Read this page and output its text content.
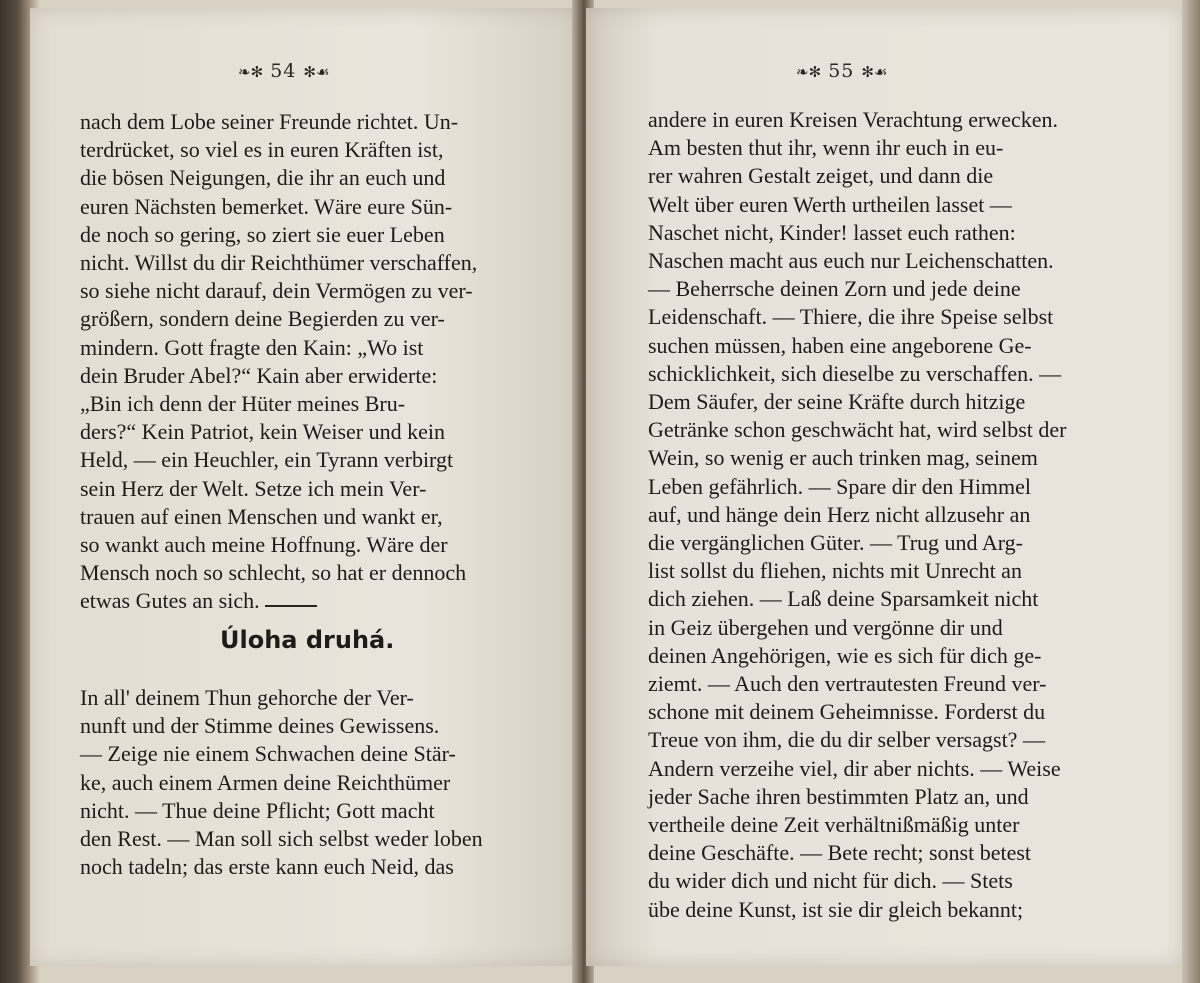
❧✻ 54 ✻☙
nach dem Lobe seiner Freunde richtet. Un-
terdrücket, so viel es in euren Kräften ist,
die bösen Neigungen, die ihr an euch und
euren Nächsten bemerket. Wäre eure Sün-
de noch so gering, so ziert sie euer Leben
nicht. Willst du dir Reichthümer verschaffen,
so siehe nicht darauf, dein Vermögen zu ver-
größern, sondern deine Begierden zu ver-
mindern. Gott fragte den Kain: „Wo ist
dein Bruder Abel?“ Kain aber erwiderte:
„Bin ich denn der Hüter meines Bru-
ders?“ Kein Patriot, kein Weiser und kein
Held, — ein Heuchler, ein Tyrann verbirgt
sein Herz der Welt. Setze ich mein Ver-
trauen auf einen Menschen und wankt er,
so wankt auch meine Hoffnung. Wäre der
Mensch noch so schlecht, so hat er dennoch
etwas Gutes an sich.
Úloha druhá.
In all' deinem Thun gehorche der Ver-
nunft und der Stimme deines Gewissens.
— Zeige nie einem Schwachen deine Stär-
ke, auch einem Armen deine Reichthümer
nicht. — Thue deine Pflicht; Gott macht
den Rest. — Man soll sich selbst weder loben
noch tadeln; das erste kann euch Neid, das
❧✻ 55 ✻☙
andere in euren Kreisen Verachtung erwecken.
Am besten thut ihr, wenn ihr euch in eu-
rer wahren Gestalt zeiget, und dann die
Welt über euren Werth urtheilen lasset —
Naschet nicht, Kinder! lasset euch rathen:
Naschen macht aus euch nur Leichenschatten.
— Beherrsche deinen Zorn und jede deine
Leidenschaft. — Thiere, die ihre Speise selbst
suchen müssen, haben eine angeborene Ge-
schicklichkeit, sich dieselbe zu verschaffen. —
Dem Säufer, der seine Kräfte durch hitzige
Getränke schon geschwächt hat, wird selbst der
Wein, so wenig er auch trinken mag, seinem
Leben gefährlich. — Spare dir den Himmel
auf, und hänge dein Herz nicht allzusehr an
die vergänglichen Güter. — Trug und Arg-
list sollst du fliehen, nichts mit Unrecht an
dich ziehen. — Laß deine Sparsamkeit nicht
in Geiz übergehen und vergönne dir und
deinen Angehörigen, wie es sich für dich ge-
ziemt. — Auch den vertrautesten Freund ver-
schone mit deinem Geheimnisse. Forderst du
Treue von ihm, die du dir selber versagst? —
Andern verzeihe viel, dir aber nichts. — Weise
jeder Sache ihren bestimmten Platz an, und
vertheile deine Zeit verhältnißmäßig unter
deine Geschäfte. — Bete recht; sonst betest
du wider dich und nicht für dich. — Stets
übe deine Kunst, ist sie dir gleich bekannt;
